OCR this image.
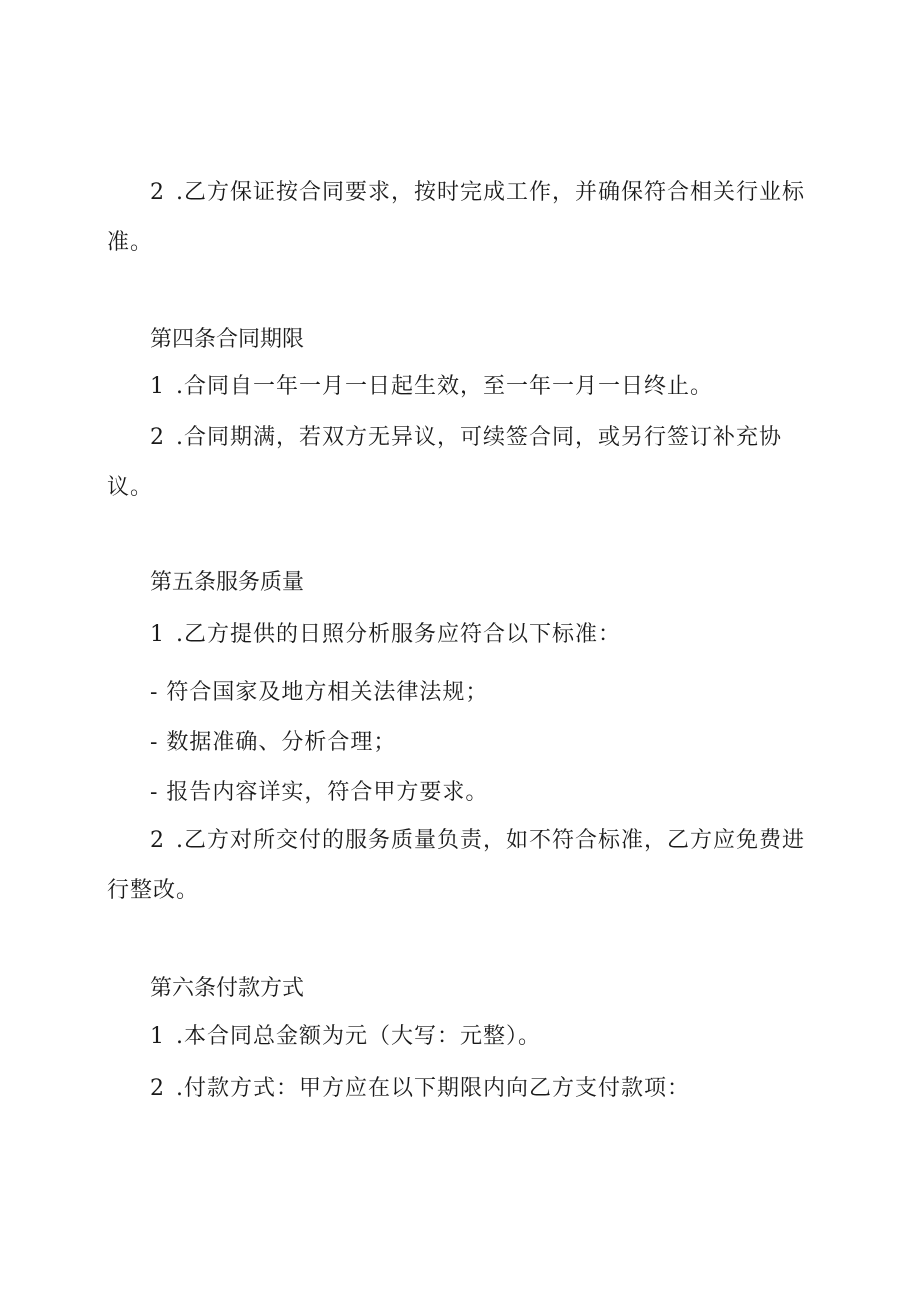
2 .乙方保证按合同要求，按时完成工作，并确保符合相关行业标
准。
第四条合同期限
1 .合同自一年一月一日起生效，至一年一月一日终止。
2 .合同期满，若双方无异议，可续签合同，或另行签订补充协
议。
第五条服务质量
1 .乙方提供的日照分析服务应符合以下标准：
- 符合国家及地方相关法律法规；
- 数据准确、分析合理；
- 报告内容详实，符合甲方要求。
2 .乙方对所交付的服务质量负责，如不符合标准，乙方应免费进
行整改。
第六条付款方式
1 .本合同总金额为元（大写：元整）。
2 .付款方式：甲方应在以下期限内向乙方支付款项：
